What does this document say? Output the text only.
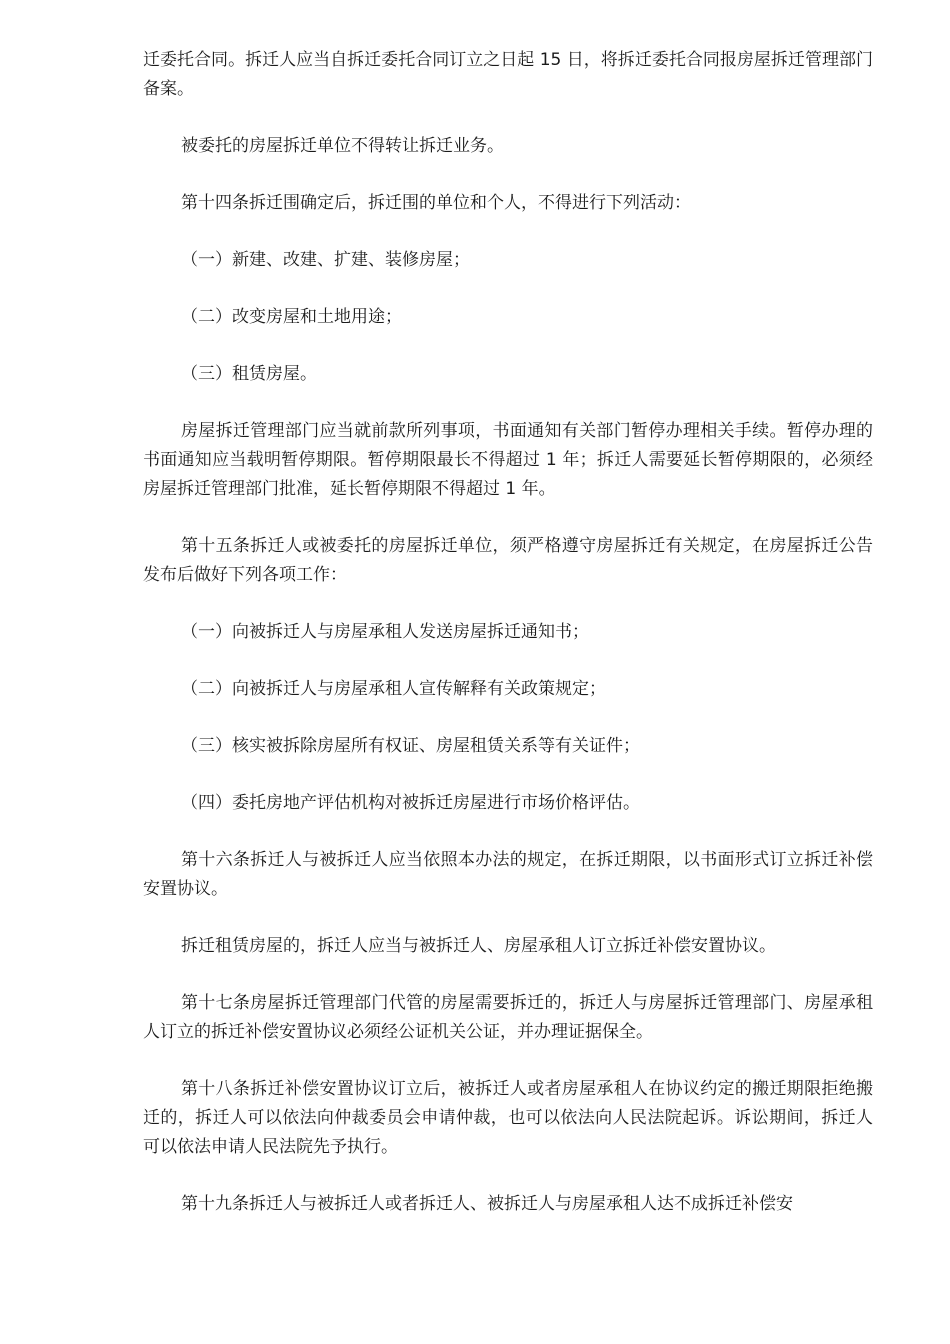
迁委托合同。拆迁人应当自拆迁委托合同订立之日起 15 日，将拆迁委托合同报房屋拆迁管理部门备案。

被委托的房屋拆迁单位不得转让拆迁业务。

第十四条拆迁围确定后，拆迁围的单位和个人，不得进行下列活动：

（一）新建、改建、扩建、装修房屋；

（二）改变房屋和土地用途；

（三）租赁房屋。

房屋拆迁管理部门应当就前款所列事项，书面通知有关部门暂停办理相关手续。暂停办理的书面通知应当载明暂停期限。暂停期限最长不得超过 1 年；拆迁人需要延长暂停期限的，必须经房屋拆迁管理部门批准，延长暂停期限不得超过 1 年。

第十五条拆迁人或被委托的房屋拆迁单位，须严格遵守房屋拆迁有关规定，在房屋拆迁公告发布后做好下列各项工作：

（一）向被拆迁人与房屋承租人发送房屋拆迁通知书；

（二）向被拆迁人与房屋承租人宣传解释有关政策规定；

（三）核实被拆除房屋所有权证、房屋租赁关系等有关证件；

（四）委托房地产评估机构对被拆迁房屋进行市场价格评估。

第十六条拆迁人与被拆迁人应当依照本办法的规定，在拆迁期限，以书面形式订立拆迁补偿安置协议。

拆迁租赁房屋的，拆迁人应当与被拆迁人、房屋承租人订立拆迁补偿安置协议。

第十七条房屋拆迁管理部门代管的房屋需要拆迁的，拆迁人与房屋拆迁管理部门、房屋承租人订立的拆迁补偿安置协议必须经公证机关公证，并办理证据保全。

第十八条拆迁补偿安置协议订立后，被拆迁人或者房屋承租人在协议约定的搬迁期限拒绝搬迁的，拆迁人可以依法向仲裁委员会申请仲裁，也可以依法向人民法院起诉。诉讼期间，拆迁人可以依法申请人民法院先予执行。

第十九条拆迁人与被拆迁人或者拆迁人、被拆迁人与房屋承租人达不成拆迁补偿安
